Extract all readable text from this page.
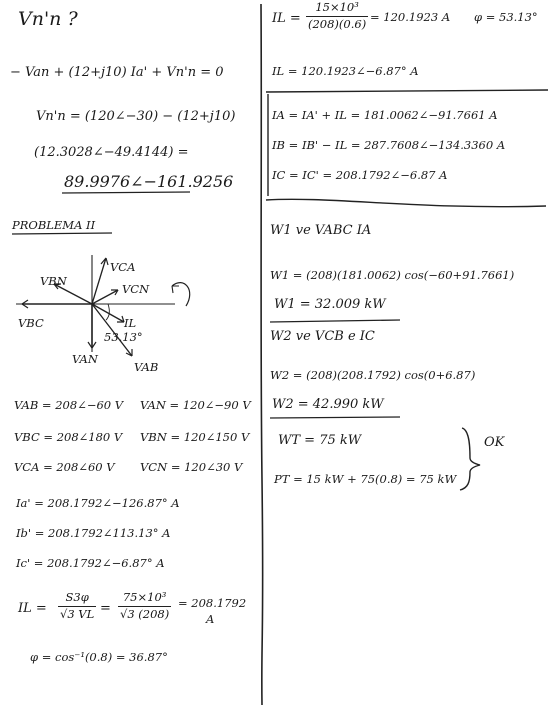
Vn'n ?
− Van + (12+j10) Ia' + Vn'n = 0
Vn'n = (120∠−30) − (12+j10)
(12.3028∠−49.4144) =
89.9976∠−161.9256
PROBLEMA II
VBN
VCA
VCN
VBC	IL
53.13°
VAN
VAB
VAB = 208∠−60 V VAN = 120∠−90 V
VBC = 208∠180 V VBN = 120∠150 V
VCA = 208∠60 V VCN = 120∠30 V
Ia' = 208.1792∠−126.87° A
Ib' = 208.1792∠113.13° A
Ic' = 208.1792∠−6.87° A
IL =
S3φ
√3 VL =
75×10³
√3 (208)
= 208.1792
A
φ = cos⁻¹(0.8) = 36.87°
IL =
15×10³
(208)(0.6) = 120.1923 A φ = 53.13°
IL = 120.1923∠−6.87° A
IA = IA' + IL = 181.0062∠−91.7661 A
IB = IB' − IL = 287.7608∠−134.3360 A
IC = IC' = 208.1792∠−6.87 A
W1 ve VABC IA
W1 = (208)(181.0062) cos(−60+91.7661)
W1 = 32.009 kW
W2 ve VCB e IC
W2 = (208)(208.1792) cos(0+6.87)
W2 = 42.990 kW
WT = 75 kW
PT = 15 kW + 75(0.8) = 75 kW
OK
